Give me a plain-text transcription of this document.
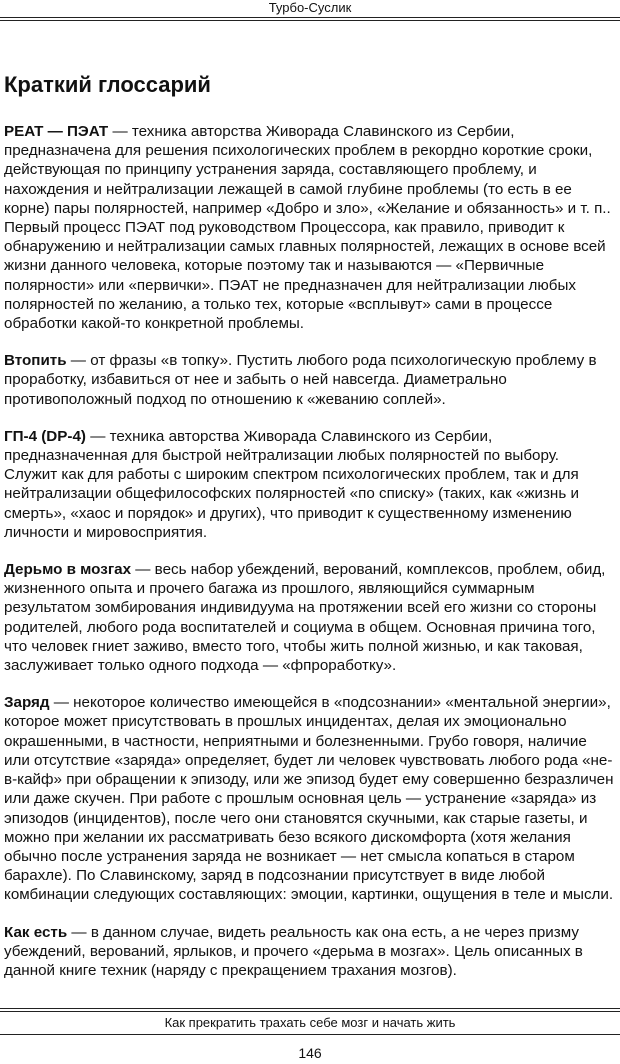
Турбо-Суслик
Краткий глоссарий

PEAT — ПЭАТ — техника авторства Живорада Славинского из Сербии, предназначена для решения психологических проблем в рекордно короткие сроки, действующая по принципу устранения заряда, составляющего проблему, и нахождения и нейтрализации лежащей в самой глубине проблемы (то есть в ее корне) пары полярностей, например «Добро и зло», «Желание и обязанность» и т. п.. Первый процесс ПЭАТ под руководством Процессора, как правило, приводит к обнаружению и нейтрализации самых главных полярностей, лежащих в основе всей жизни данного человека, которые поэтому так и называются — «Первичные полярности» или «первички». ПЭАТ не предназначен для нейтрализации любых полярностей по желанию, а только тех, которые «всплывут» сами в процессе обработки какой-то конкретной проблемы.

Втопить — от фразы «в топку». Пустить любого рода психологическую проблему в проработку, избавиться от нее и забыть о ней навсегда. Диаметрально противоположный подход по отношению к «жеванию соплей».

ГП-4 (DP-4) — техника авторства Живорада Славинского из Сербии, предназначенная для быстрой нейтрализации любых полярностей по выбору. Служит как для работы с широким спектром психологических проблем, так и для нейтрализации общефилософских полярностей «по списку» (таких, как «жизнь и смерть», «хаос и порядок» и других), что приводит к существенному изменению личности и мировосприятия.

Дерьмо в мозгах — весь набор убеждений, верований, комплексов, проблем, обид, жизненного опыта и прочего багажа из прошлого, являющийся суммарным результатом зомбирования индивидуума на протяжении всей его жизни со стороны родителей, любого рода воспитателей и социума в общем. Основная причина того, что человек гниет заживо, вместо того, чтобы жить полной жизнью, и как таковая, заслуживает только одного подхода — «фпроработку».

Заряд — некоторое количество имеющейся в «подсознании» «ментальной энергии», которое может присутствовать в прошлых инцидентах, делая их эмоционально окрашенными, в частности, неприятными и болезненными. Грубо говоря, наличие или отсутствие «заряда» определяет, будет ли человек чувствовать любого рода «не-в-кайф» при обращении к эпизоду, или же эпизод будет ему совершенно безразличен или даже скучен. При работе с прошлым основная цель — устранение «заряда» из эпизодов (инцидентов), после чего они становятся скучными, как старые газеты, и можно при желании их рассматривать безо всякого дискомфорта (хотя желания обычно после устранения заряда не возникает — нет смысла копаться в старом барахле). По Славинскому, заряд в подсознании присутствует в виде любой комбинации следующих составляющих: эмоции, картинки, ощущения в теле и мысли.

Как есть — в данном случае, видеть реальность как она есть, а не через призму убеждений, верований, ярлыков, и прочего «дерьма в мозгах». Цель описанных в данной книге техник (наряду с прекращением трахания мозгов).

Как прекратить трахать себе мозг и начать жить
146
